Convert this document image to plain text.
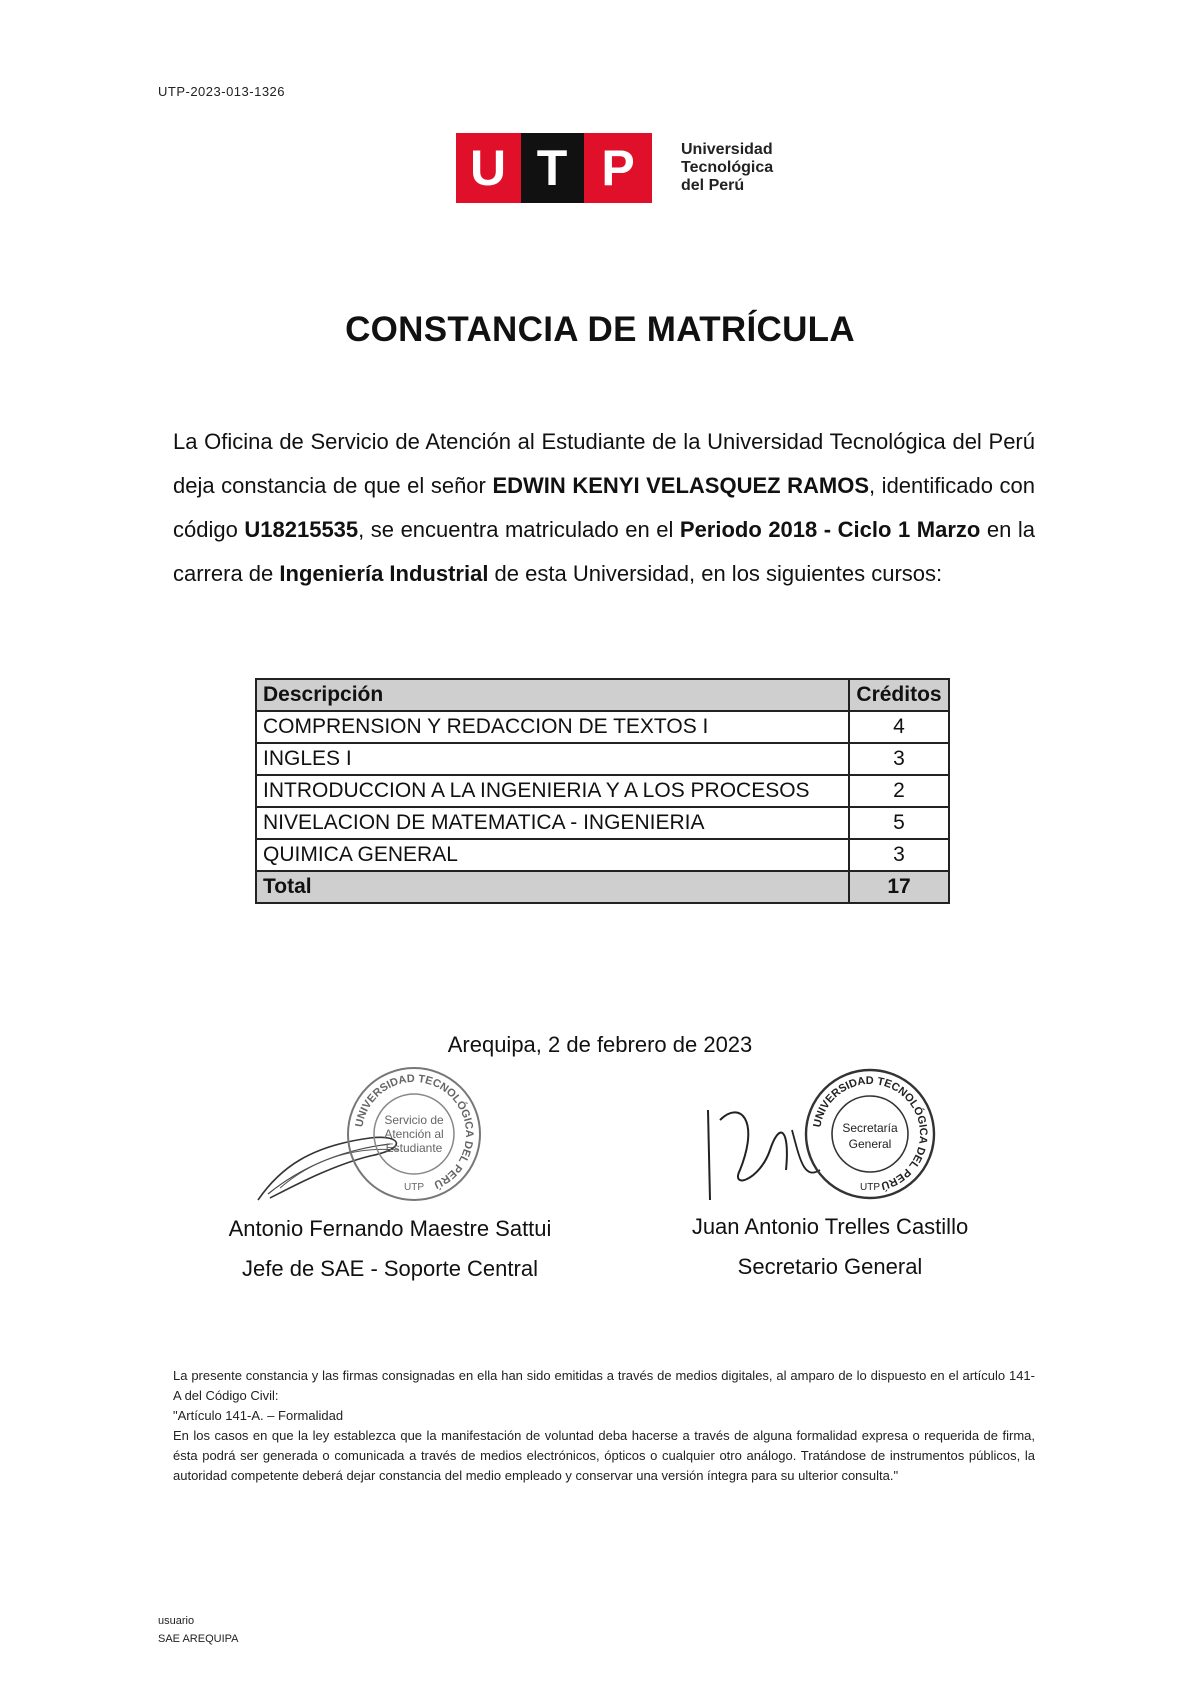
UTP-2023-013-1326
U T P	Universidad
Tecnológica
del Perú
CONSTANCIA DE MATRÍCULA
La Oficina de Servicio de Atención al Estudiante de la Universidad Tecnológica del Perú deja constancia de que el señor EDWIN KENYI VELASQUEZ RAMOS, identificado con código U18215535, se encuentra matriculado en el Periodo 2018 - Ciclo 1 Marzo en la carrera de Ingeniería Industrial de esta Universidad, en los siguientes cursos:
Descripción	Créditos
COMPRENSION Y REDACCION DE TEXTOS I	4
INGLES I	3
INTRODUCCION A LA INGENIERIA Y A LOS PROCESOS	2
NIVELACION DE MATEMATICA - INGENIERIA	5
QUIMICA GENERAL	3
Total	17
Arequipa, 2 de febrero de 2023
UNIVERSIDAD TECNOLÓGICA DEL PERÚ
Servicio de
Atención al
Estudiante
UTP
UNIVERSIDAD TECNOLÓGICA DEL PERÚ
Secretaría
General
UTP
Antonio Fernando Maestre Sattui
Jefe de SAE - Soporte Central
Juan Antonio Trelles Castillo
Secretario General

La presente constancia y las firmas consignadas en ella han sido emitidas a través de medios digitales, al amparo de lo dispuesto en el artículo 141-A del Código Civil:

"Artículo 141-A. – Formalidad

En los casos en que la ley establezca que la manifestación de voluntad deba hacerse a través de alguna formalidad expresa o requerida de firma, ésta podrá ser generada o comunicada a través de medios electrónicos, ópticos o cualquier otro análogo. Tratándose de instrumentos públicos, la autoridad competente deberá dejar constancia del medio empleado y conservar una versión íntegra para su ulterior consulta."

usuario
SAE AREQUIPA
